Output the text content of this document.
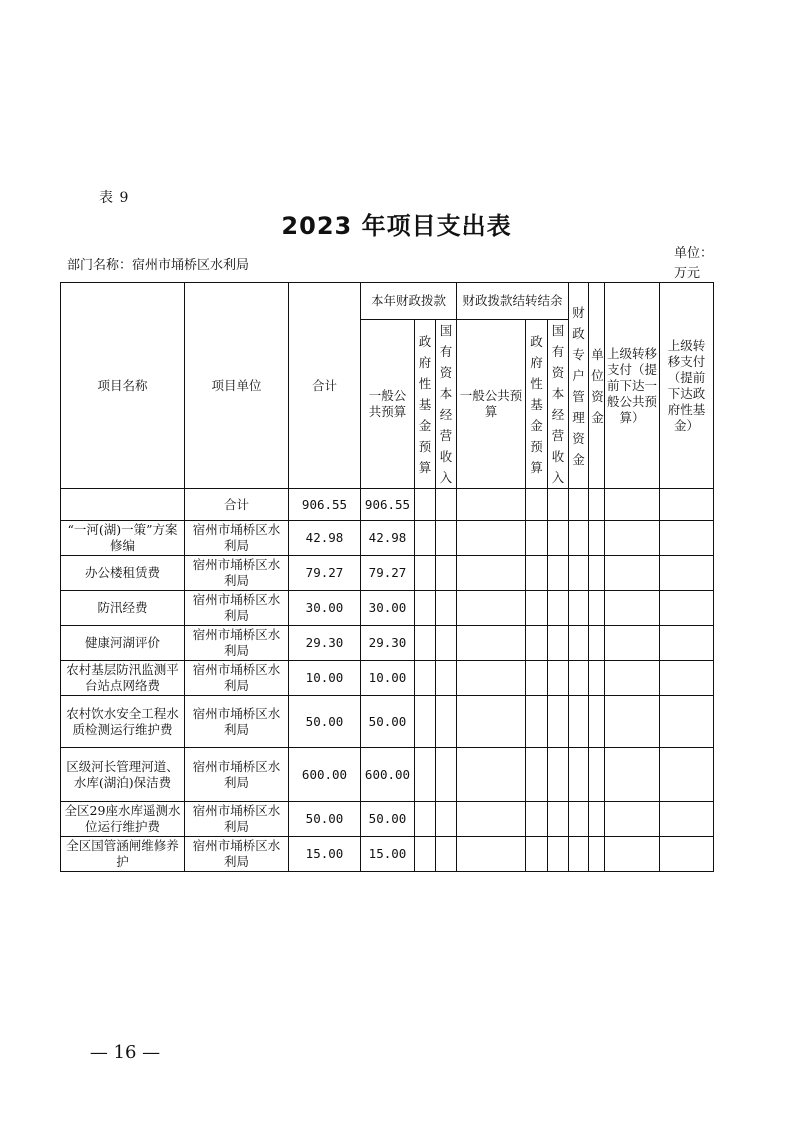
表 9
2023 年项目支出表
部门名称：宿州市埇桥区水利局
单位：
万元
项目名称	项目单位	合计	本年财政拨款			财政拨款结转结余			财政专户管理资金	单位资金	上级转移支付（提前下达一般公共预算）	上级转移支付（提前下达政府性基金）
			一般公共预算	政府性基金预算	国有资本经营收入	一般公共预算	政府性基金预算	国有资本经营收入				

	合计	906.55	906.55									
“一河(湖)一策”方案修编	宿州市埇桥区水利局	42.98	42.98									
办公楼租赁费	宿州市埇桥区水利局	79.27	79.27									
防汛经费	宿州市埇桥区水利局	30.00	30.00									
健康河湖评价	宿州市埇桥区水利局	29.30	29.30									
农村基层防汛监测平台站点网络费	宿州市埇桥区水利局	10.00	10.00									
农村饮水安全工程水质检测运行维护费	宿州市埇桥区水利局	50.00	50.00									
区级河长管理河道、水库(湖泊)保洁费	宿州市埇桥区水利局	600.00	600.00									
全区29座水库遥测水位运行维护费	宿州市埇桥区水利局	50.00	50.00									
全区国管涵闸维修养护	宿州市埇桥区水利局	15.00	15.00									
— 16 —
